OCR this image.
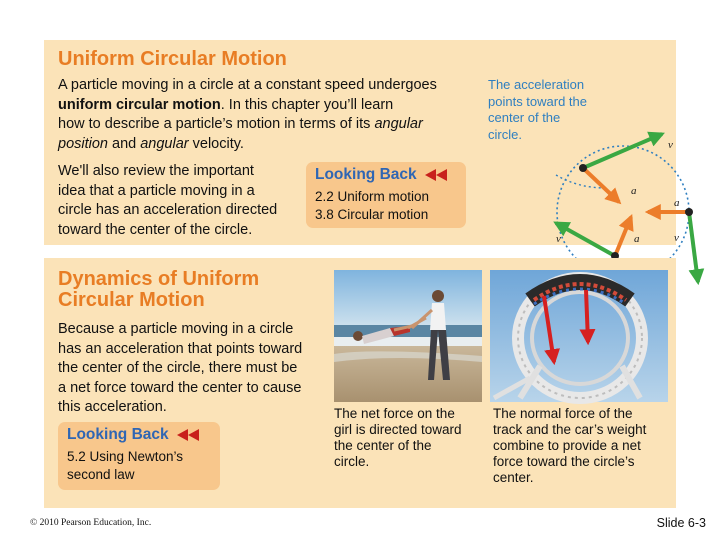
Uniform Circular Motion
A particle moving in a circle at a constant speed undergoes
uniform circular motion. In this chapter you’ll learn
how to describe a particle’s motion in terms of its angular
position and angular velocity.
We'll also review the important
idea that a particle moving in a
circle has an acceleration directed
toward the center of the circle.
Looking Back
2.2 Uniform motion
3.8 Circular motion
The acceleration
points toward the
center of the
circle.
v
a
a
a
v	v
Dynamics of Uniform
Circular Motion
Because a particle moving in a circle
has an acceleration that points toward
the center of the circle, there must be
a net force toward the center to cause
this acceleration.
Looking Back
5.2 Using Newton’s
second law
The net force on the
girl is directed toward
the center of the
circle.
The normal force of the
track and the car’s weight
combine to provide a net
force toward the circle’s
center.
© 2010 Pearson Education, Inc.	Slide 6-3
